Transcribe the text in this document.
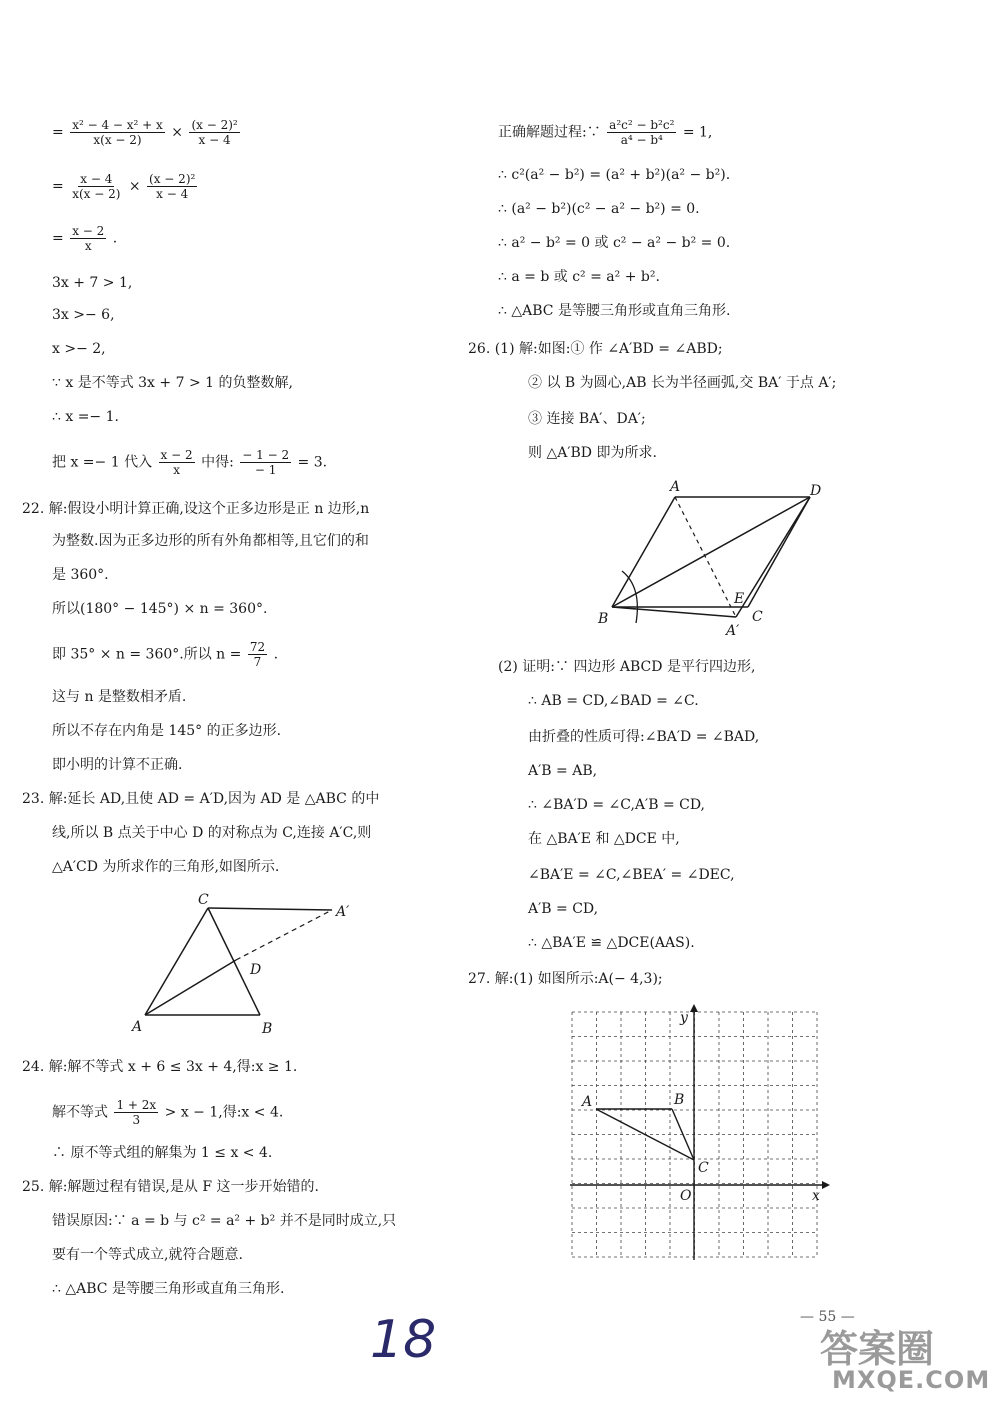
= $\frac{\text{x² − 4 − x² + x}}{x(x - 2)} \times \frac{\text{(x − 2)²}}{x - 4}$
= $\frac{x - 4}{x(x - 2)} \times \frac{\text{(x − 2)²}}{x - 4}$
= $\frac{x - 2}{x}$ .
3x + 7 > 1,
3x >− 6,
x >− 2,
∵ x 是不等式 3x + 7 > 1 的负整数解,
∴ x =− 1.
把 x =− 1 代入 $\frac{x - 2}{x}$ 中得: $\frac{- 1 - 2}{- 1} = 3$.
22. 解:假设小明计算正确,设这个正多边形是正 n 边形,n
为整数.因为正多边形的所有外角都相等,且它们的和
是 360°.
所以(180° − 145°) × n = 360°.
即 35° × n = 360°.所以 $n = \frac{72}{7}$ .
这与 n 是整数相矛盾.
所以不存在内角是 145° 的正多边形.
即小明的计算不正确.
23. 解:延长 AD,且使 AD = A′D,因为 AD 是 △ABC 的中
线,所以 B 点关于中心 D 的对称点为 C,连接 A′C,则
△A′CD 为所求作的三角形,如图所示.
A	B
C
D
A′
24. 解:解不等式 x + 6 ≤ 3x + 4,得:x ≥ 1.
解不等式 $\frac{1 + 2x}{3} > x - 1$,得:x < 4.
∴ 原不等式组的解集为 1 ≤ x < 4.
25. 解:解题过程有错误,是从 F 这一步开始错的.
错误原因:∵ a = b 与 c² = a² + b² 并不是同时成立,只
要有一个等式成立,就符合题意.
∴ △ABC 是等腰三角形或直角三角形.
正确解题过程:∵ $\frac{\text{a²c² − b²c²}}{\text{a⁴ − b⁴}} = 1$,
∴ c²(a² − b²) = (a² + b²)(a² − b²).
∴ (a² − b²)(c² − a² − b²) = 0.
∴ a² − b² = 0 或 c² − a² − b² = 0.
∴ a = b 或 c² = a² + b².
∴ △ABC 是等腰三角形或直角三角形.
26. (1) 解:如图:① 作 ∠A′BD = ∠ABD;
② 以 B 为圆心,AB 长为半径画弧,交 BA′ 于点 A′;
③ 连接 BA′、DA′;
则 △A′BD 即为所求.
A	D
B	C
E
A′
(2) 证明:∵ 四边形 ABCD 是平行四边形,
∴ AB = CD,∠BAD = ∠C.
由折叠的性质可得:∠BA′D = ∠BAD,
A′B = AB,
∴ ∠BA′D = ∠C,A′B = CD,
在 △BA′E 和 △DCE 中,
∠BA′E = ∠C,∠BEA′ = ∠DEC,
A′B = CD,
∴ △BA′E ≌ △DCE(AAS).
27. 解:(1) 如图所示:A(− 4,3);
A	B
C
O	x
y
— 55 —
18	答案圈
MXQE.COM
